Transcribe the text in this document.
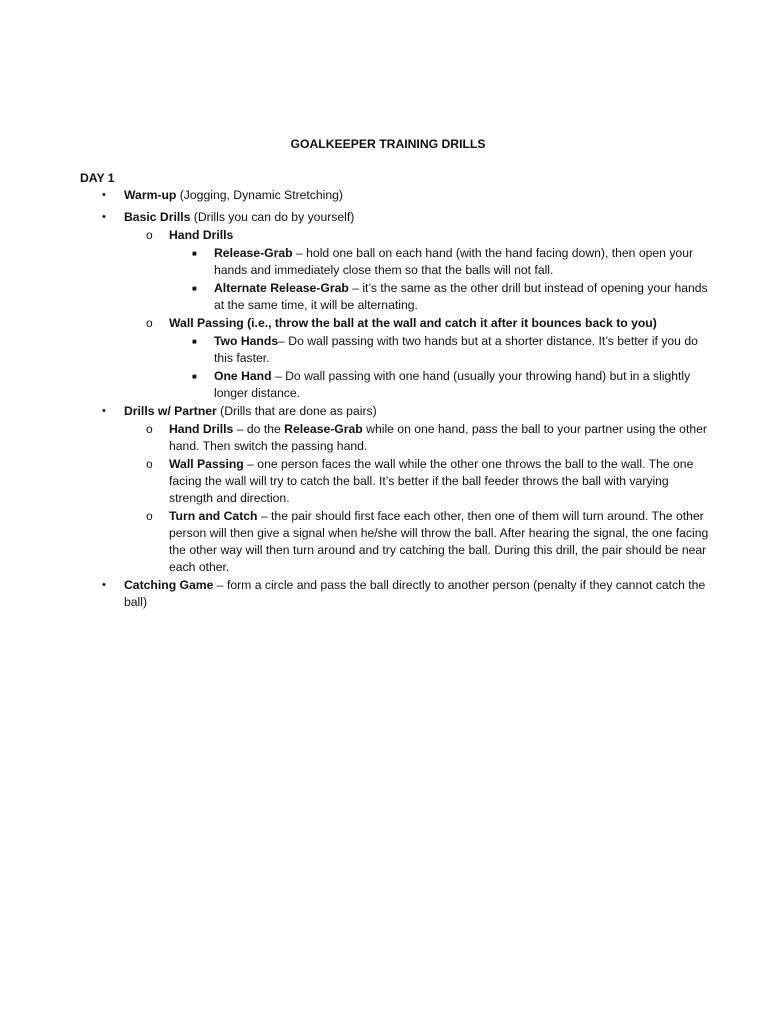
GOALKEEPER TRAINING DRILLS
DAY 1
• Warm-up (Jogging, Dynamic Stretching)
• Basic Drills (Drills you can do by yourself)
o Hand Drills
■ Release-Grab – hold one ball on each hand (with the hand facing down), then open your hands and immediately close them so that the balls will not fall.
■ Alternate Release-Grab – it’s the same as the other drill but instead of opening your hands at the same time, it will be alternating.
o Wall Passing (i.e., throw the ball at the wall and catch it after it bounces back to you)
■ Two Hands– Do wall passing with two hands but at a shorter distance. It’s better if you do this faster.
■ One Hand – Do wall passing with one hand (usually your throwing hand) but in a slightly longer distance.
• Drills w/ Partner (Drills that are done as pairs)
o Hand Drills – do the Release-Grab while on one hand, pass the ball to your partner using the other hand. Then switch the passing hand.
o Wall Passing – one person faces the wall while the other one throws the ball to the wall. The one facing the wall will try to catch the ball. It’s better if the ball feeder throws the ball with varying strength and direction.
o Turn and Catch – the pair should first face each other, then one of them will turn around. The other person will then give a signal when he/she will throw the ball. After hearing the signal, the one facing the other way will then turn around and try catching the ball. During this drill, the pair should be near each other.
• Catching Game – form a circle and pass the ball directly to another person (penalty if they cannot catch the ball)
